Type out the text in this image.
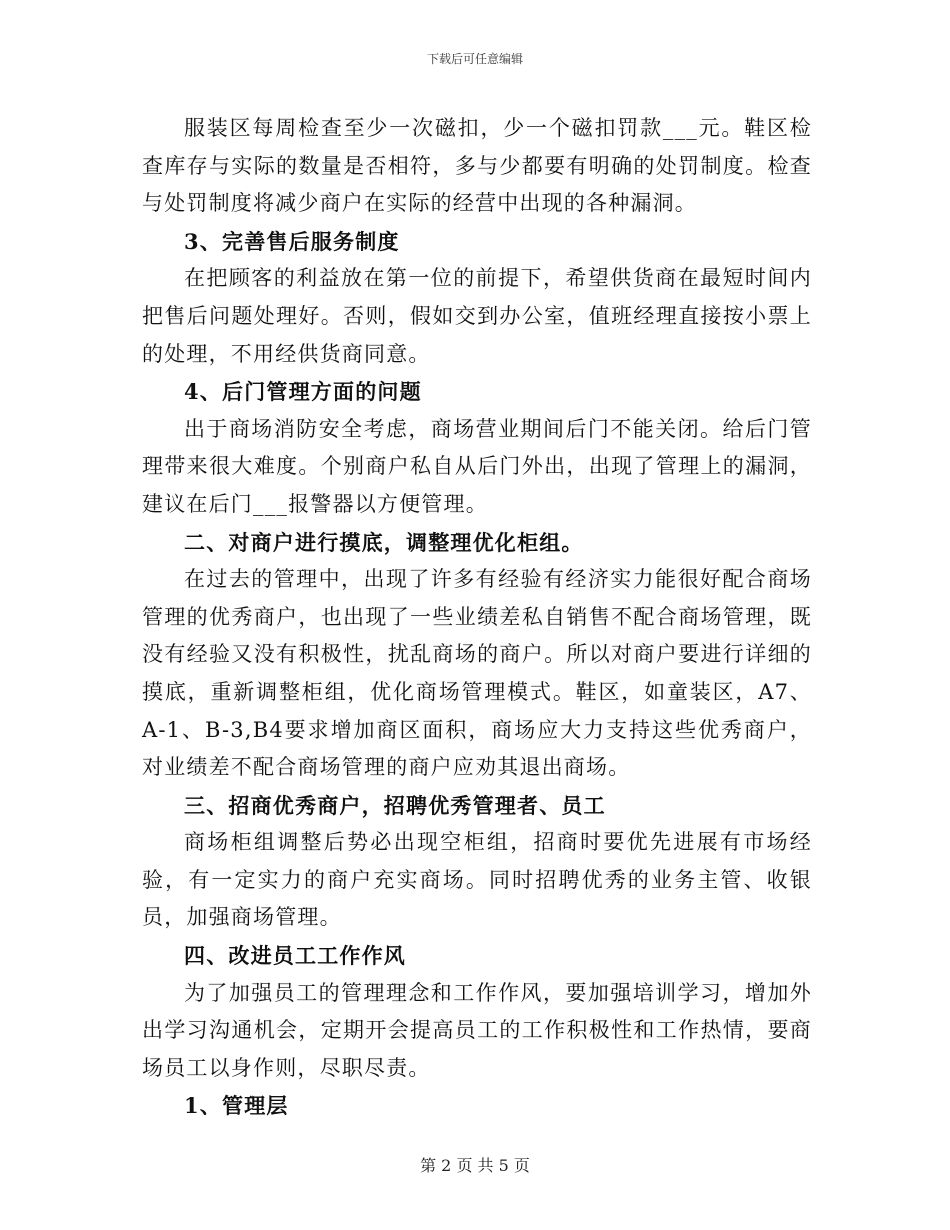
下载后可任意编辑

服装区每周检查至少一次磁扣，少一个磁扣罚款___元。鞋区检查库存与实际的数量是否相符，多与少都要有明确的处罚制度。检查与处罚制度将减少商户在实际的经营中出现的各种漏洞。

3、完善售后服务制度

在把顾客的利益放在第一位的前提下，希望供货商在最短时间内把售后问题处理好。否则，假如交到办公室，值班经理直接按小票上的处理，不用经供货商同意。

4、后门管理方面的问题

出于商场消防安全考虑，商场营业期间后门不能关闭。给后门管理带来很大难度。个别商户私自从后门外出，出现了管理上的漏洞，建议在后门___报警器以方便管理。

二、对商户进行摸底，调整理优化柜组。

在过去的管理中，出现了许多有经验有经济实力能很好配合商场管理的优秀商户，也出现了一些业绩差私自销售不配合商场管理，既没有经验又没有积极性，扰乱商场的商户。所以对商户要进行详细的摸底，重新调整柜组，优化商场管理模式。鞋区，如童装区，A7、A-1、B-3,B4要求增加商区面积，商场应大力支持这些优秀商户，对业绩差不配合商场管理的商户应劝其退出商场。

三、招商优秀商户，招聘优秀管理者、员工

商场柜组调整后势必出现空柜组，招商时要优先进展有市场经验，有一定实力的商户充实商场。同时招聘优秀的业务主管、收银员，加强商场管理。

四、改进员工工作作风

为了加强员工的管理理念和工作作风，要加强培训学习，增加外出学习沟通机会，定期开会提高员工的工作积极性和工作热情，要商场员工以身作则，尽职尽责。

1、管理层

第 2 页 共 5 页
